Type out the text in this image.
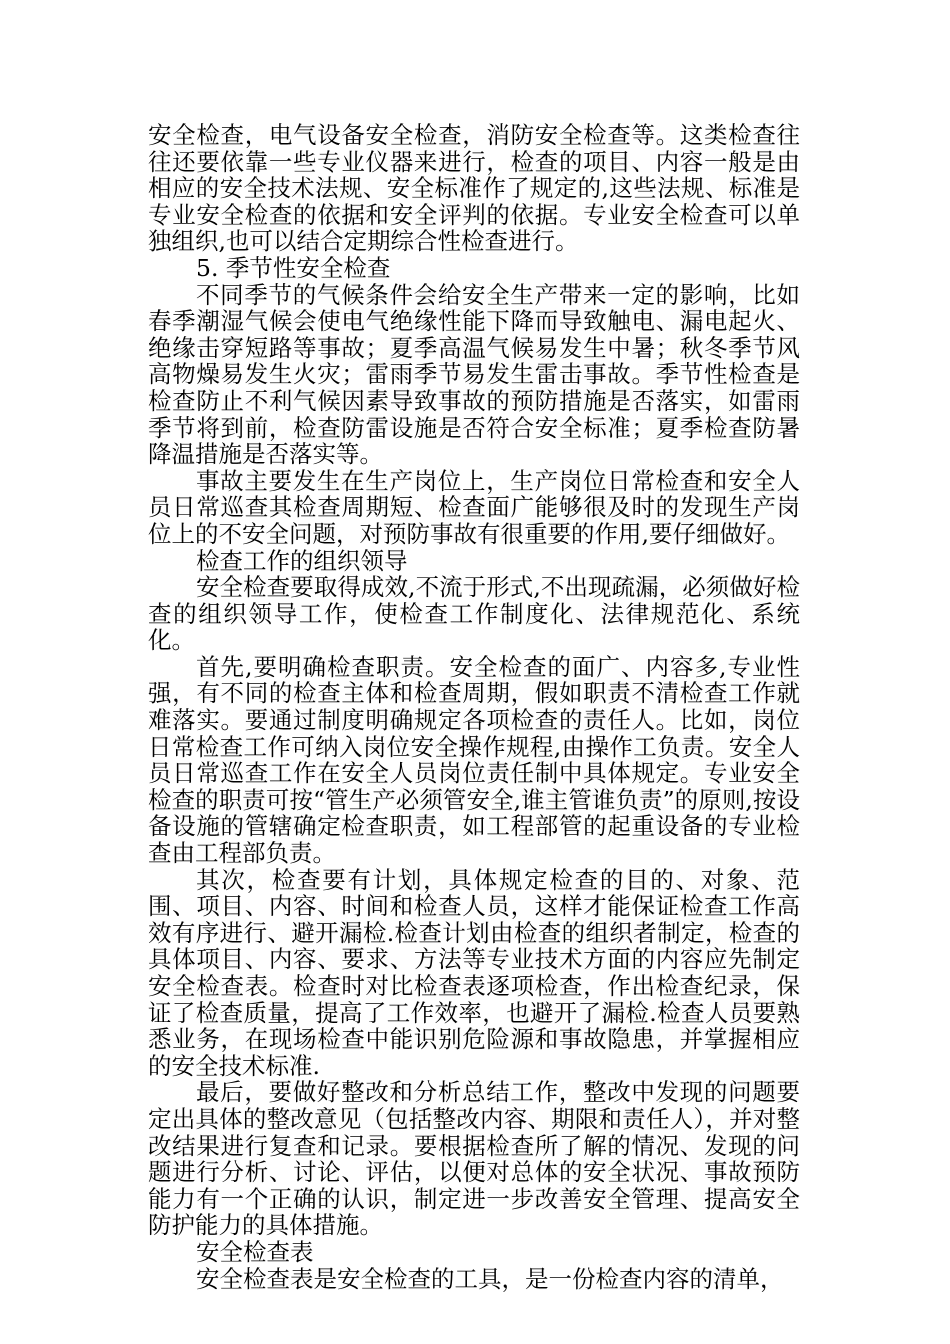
安全检查，电气设备安全检查，消防安全检查等。这类检查往往还要依靠一些专业仪器来进行，检查的项目、内容一般是由相应的安全技术法规、安全标准作了规定的,这些法规、标准是专业安全检查的依据和安全评判的依据。专业安全检查可以单独组织,也可以结合定期综合性检查进行。

5. 季节性安全检查

不同季节的气候条件会给安全生产带来一定的影响，比如春季潮湿气候会使电气绝缘性能下降而导致触电、漏电起火、绝缘击穿短路等事故；夏季高温气候易发生中暑；秋冬季节风高物燥易发生火灾；雷雨季节易发生雷击事故。季节性检查是检查防止不利气候因素导致事故的预防措施是否落实，如雷雨季节将到前，检查防雷设施是否符合安全标准；夏季检查防暑降温措施是否落实等。

事故主要发生在生产岗位上，生产岗位日常检查和安全人员日常巡查其检查周期短、检查面广能够很及时的发现生产岗位上的不安全问题，对预防事故有很重要的作用,要仔细做好。

检查工作的组织领导

安全检查要取得成效,不流于形式,不出现疏漏，必须做好检查的组织领导工作，使检查工作制度化、法律规范化、系统化。

首先,要明确检查职责。安全检查的面广、内容多,专业性强，有不同的检查主体和检查周期，假如职责不清检查工作就难落实。要通过制度明确规定各项检查的责任人。比如，岗位日常检查工作可纳入岗位安全操作规程,由操作工负责。安全人员日常巡查工作在安全人员岗位责任制中具体规定。专业安全检查的职责可按“管生产必须管安全,谁主管谁负责”的原则,按设备设施的管辖确定检查职责，如工程部管的起重设备的专业检查由工程部负责。

其次，检查要有计划，具体规定检查的目的、对象、范围、项目、内容、时间和检查人员，这样才能保证检查工作高效有序进行、避开漏检.检查计划由检查的组织者制定，检查的具体项目、内容、要求、方法等专业技术方面的内容应先制定安全检查表。检查时对比检查表逐项检查，作出检查纪录，保证了检查质量，提高了工作效率，也避开了漏检.检查人员要熟悉业务，在现场检查中能识别危险源和事故隐患，并掌握相应的安全技术标准.

最后，要做好整改和分析总结工作，整改中发现的问题要定出具体的整改意见（包括整改内容、期限和责任人），并对整改结果进行复查和记录。要根据检查所了解的情况、发现的问题进行分析、讨论、评估，以便对总体的安全状况、事故预防能力有一个正确的认识，制定进一步改善安全管理、提高安全防护能力的具体措施。

安全检查表

安全检查表是安全检查的工具，是一份检查内容的清单，
